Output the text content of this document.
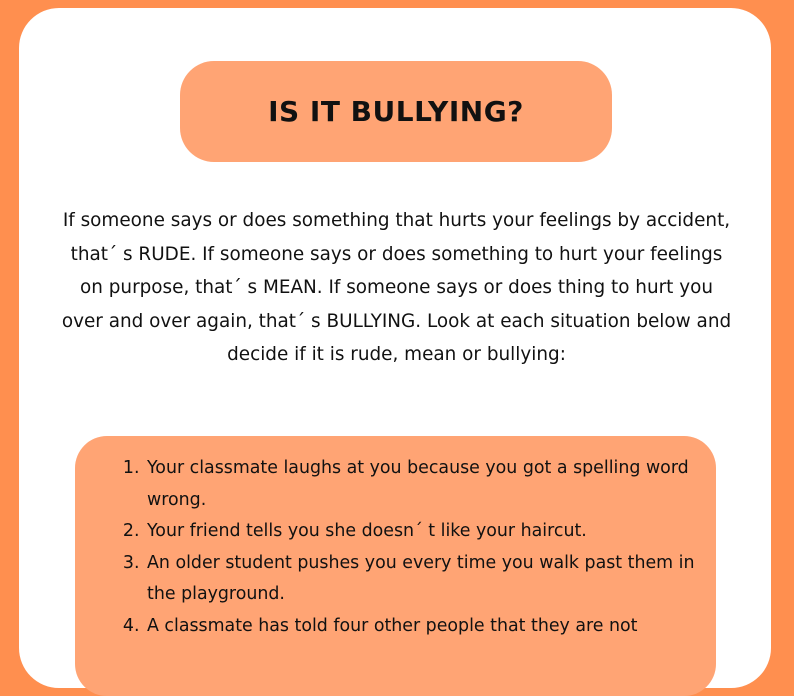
IS IT BULLYING?

If someone says or does something that hurts your feelings by accident, that´ s RUDE. If someone says or does something to hurt your feelings on purpose, that´ s MEAN. If someone says or does thing to hurt you over and over again, that´ s BULLYING. Look at each situation below and decide if it is rude, mean or bullying:

1. Your classmate laughs at you because you got a spelling word wrong.
2. Your friend tells you she doesn´ t like your haircut.
3. An older student pushes you every time you walk past them in the playground.
4. A classmate has told four other people that they are not
